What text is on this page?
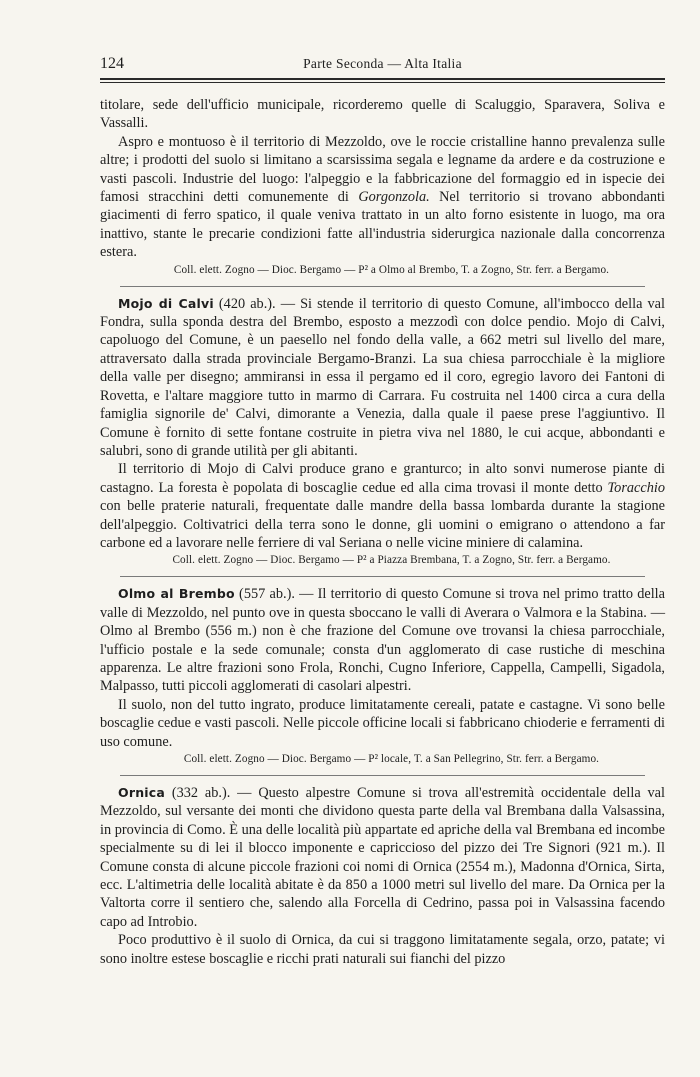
124	Parte Seconda — Alta Italia

titolare, sede dell'ufficio municipale, ricorderemo quelle di Scaluggio, Sparavera, Soliva e Vassalli.

Aspro e montuoso è il territorio di Mezzoldo, ove le roccie cristalline hanno prevalenza sulle altre; i prodotti del suolo si limitano a scarsissima segala e legname da ardere e da costruzione e vasti pascoli. Industrie del luogo: l'alpeggio e la fabbricazione del formaggio ed in ispecie dei famosi stracchini detti comunemente di Gorgonzola. Nel territorio si trovano abbondanti giacimenti di ferro spatico, il quale veniva trattato in un alto forno esistente in luogo, ma ora inattivo, stante le precarie condizioni fatte all'industria siderurgica nazionale dalla concorrenza estera.

Coll. elett. Zogno — Dioc. Bergamo — P² a Olmo al Brembo, T. a Zogno, Str. ferr. a Bergamo.

Mojo di Calvi (420 ab.). — Si stende il territorio di questo Comune, all'imbocco della val Fondra, sulla sponda destra del Brembo, esposto a mezzodì con dolce pendio. Mojo di Calvi, capoluogo del Comune, è un paesello nel fondo della valle, a 662 metri sul livello del mare, attraversato dalla strada provinciale Bergamo-Branzi. La sua chiesa parrocchiale è la migliore della valle per disegno; ammiransi in essa il pergamo ed il coro, egregio lavoro dei Fantoni di Rovetta, e l'altare maggiore tutto in marmo di Carrara. Fu costruita nel 1400 circa a cura della famiglia signorile de' Calvi, dimorante a Venezia, dalla quale il paese prese l'aggiuntivo. Il Comune è fornito di sette fontane costruite in pietra viva nel 1880, le cui acque, abbondanti e salubri, sono di grande utilità per gli abitanti.

Il territorio di Mojo di Calvi produce grano e granturco; in alto sonvi numerose piante di castagno. La foresta è popolata di boscaglie cedue ed alla cima trovasi il monte detto Toracchio con belle praterie naturali, frequentate dalle mandre della bassa lombarda durante la stagione dell'alpeggio. Coltivatrici della terra sono le donne, gli uomini o emigrano o attendono a far carbone ed a lavorare nelle ferriere di val Seriana o nelle vicine miniere di calamina.

Coll. elett. Zogno — Dioc. Bergamo — P² a Piazza Brembana, T. a Zogno, Str. ferr. a Bergamo.

Olmo al Brembo (557 ab.). — Il territorio di questo Comune si trova nel primo tratto della valle di Mezzoldo, nel punto ove in questa sboccano le valli di Averara o Valmora e la Stabina. — Olmo al Brembo (556 m.) non è che frazione del Comune ove trovansi la chiesa parrocchiale, l'ufficio postale e la sede comunale; consta d'un agglomerato di case rustiche di meschina apparenza. Le altre frazioni sono Frola, Ronchi, Cugno Inferiore, Cappella, Campelli, Sigadola, Malpasso, tutti piccoli agglomerati di casolari alpestri.

Il suolo, non del tutto ingrato, produce limitatamente cereali, patate e castagne. Vi sono belle boscaglie cedue e vasti pascoli. Nelle piccole officine locali si fabbricano chioderie e ferramenti di uso comune.

Coll. elett. Zogno — Dioc. Bergamo — P² locale, T. a San Pellegrino, Str. ferr. a Bergamo.

Ornica (332 ab.). — Questo alpestre Comune si trova all'estremità occidentale della val Mezzoldo, sul versante dei monti che dividono questa parte della val Brembana dalla Valsassina, in provincia di Como. È una delle località più appartate ed apriche della val Brembana ed incombe specialmente su di lei il blocco imponente e capriccioso del pizzo dei Tre Signori (921 m.). Il Comune consta di alcune piccole frazioni coi nomi di Ornica (2554 m.), Madonna d'Ornica, Sirta, ecc. L'altimetria delle località abitate è da 850 a 1000 metri sul livello del mare. Da Ornica per la Valtorta corre il sentiero che, salendo alla Forcella di Cedrino, passa poi in Valsassina facendo capo ad Introbio.

Poco produttivo è il suolo di Ornica, da cui si traggono limitatamente segala, orzo, patate; vi sono inoltre estese boscaglie e ricchi prati naturali sui fianchi del pizzo
